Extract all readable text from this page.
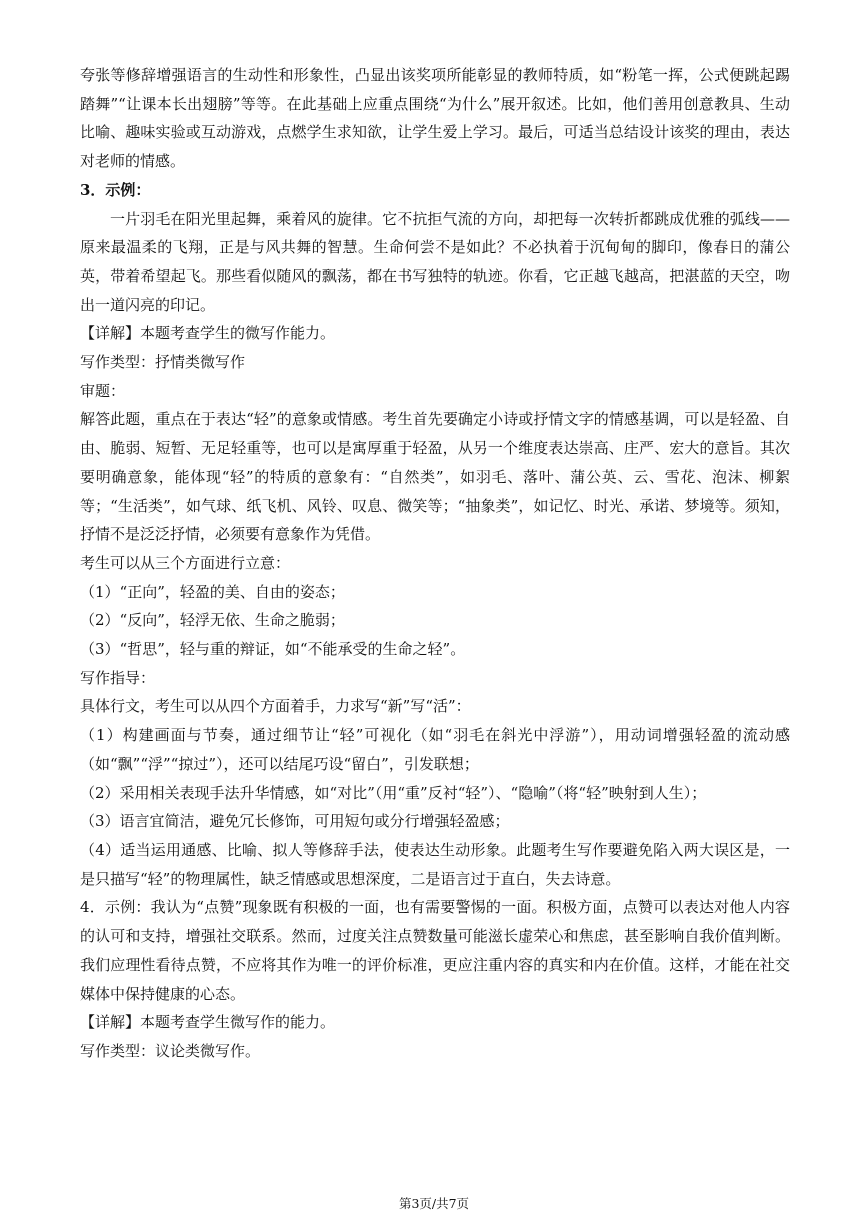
夸张等修辞增强语言的生动性和形象性，凸显出该奖项所能彰显的教师特质，如“粉笔一挥，公式便跳起踢踏舞”“让课本长出翅膀”等等。在此基础上应重点围绕“为什么”展开叙述。比如，他们善用创意教具、生动比喻、趣味实验或互动游戏，点燃学生求知欲，让学生爱上学习。最后，可适当总结设计该奖的理由，表达对老师的情感。

3．示例：

一片羽毛在阳光里起舞，乘着风的旋律。它不抗拒气流的方向，却把每一次转折都跳成优雅的弧线——原来最温柔的飞翔，正是与风共舞的智慧。生命何尝不是如此？不必执着于沉甸甸的脚印，像春日的蒲公英，带着希望起飞。那些看似随风的飘荡，都在书写独特的轨迹。你看，它正越飞越高，把湛蓝的天空，吻出一道闪亮的印记。

【详解】本题考查学生的微写作能力。

写作类型：抒情类微写作

审题：

解答此题，重点在于表达“轻”的意象或情感。考生首先要确定小诗或抒情文字的情感基调，可以是轻盈、自由、脆弱、短暂、无足轻重等，也可以是寓厚重于轻盈，从另一个维度表达崇高、庄严、宏大的意旨。其次要明确意象，能体现“轻”的特质的意象有：“自然类”，如羽毛、落叶、蒲公英、云、雪花、泡沫、柳絮等；“生活类”，如气球、纸飞机、风铃、叹息、微笑等；“抽象类”，如记忆、时光、承诺、梦境等。须知，抒情不是泛泛抒情，必须要有意象作为凭借。

考生可以从三个方面进行立意：

（1）“正向”，轻盈的美、自由的姿态；

（2）“反向”，轻浮无依、生命之脆弱；

（3）“哲思”，轻与重的辩证，如“不能承受的生命之轻”。

写作指导：

具体行文，考生可以从四个方面着手，力求写“新”写“活”：

（1）构建画面与节奏，通过细节让“轻”可视化（如“羽毛在斜光中浮游”），用动词增强轻盈的流动感（如“飘”“浮”“掠过”），还可以结尾巧设“留白”，引发联想；

（2）采用相关表现手法升华情感，如“对比”（用“重”反衬“轻”）、“隐喻”（将“轻”映射到人生）；

（3）语言宜简洁，避免冗长修饰，可用短句或分行增强轻盈感；

（4）适当运用通感、比喻、拟人等修辞手法，使表达生动形象。此题考生写作要避免陷入两大误区是，一是只描写“轻”的物理属性，缺乏情感或思想深度，二是语言过于直白，失去诗意。

4．示例：我认为“点赞”现象既有积极的一面，也有需要警惕的一面。积极方面，点赞可以表达对他人内容的认可和支持，增强社交联系。然而，过度关注点赞数量可能滋长虚荣心和焦虑，甚至影响自我价值判断。我们应理性看待点赞，不应将其作为唯一的评价标准，更应注重内容的真实和内在价值。这样，才能在社交媒体中保持健康的心态。

【详解】本题考查学生微写作的能力。

写作类型：议论类微写作。

第3页/共7页
